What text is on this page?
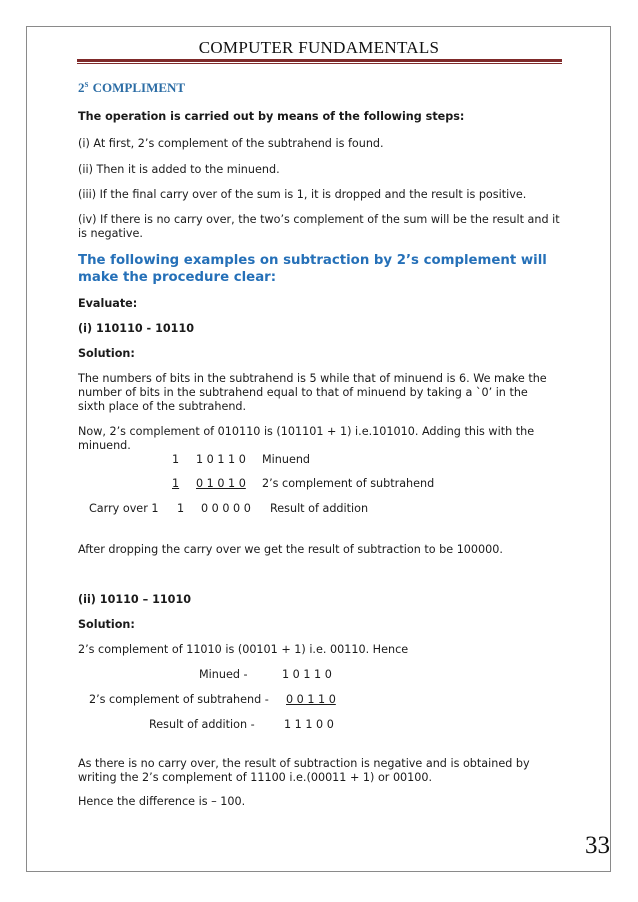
COMPUTER FUNDAMENTALS
$2^S$ COMPLIMENT
The operation is carried out by means of the following steps:
(i) At first, 2’s complement of the subtrahend is found.
(ii) Then it is added to the minuend.
(iii) If the final carry over of the sum is 1, it is dropped and the result is positive.
(iv) If there is no carry over, the two’s complement of the sum will be the result and it is negative.
The following examples on subtraction by 2’s complement will make the procedure clear:
Evaluate:
(i) 110110 - 10110
Solution:
The numbers of bits in the subtrahend is 5 while that of minuend is 6. We make the number of bits in the subtrahend equal to that of minuend by taking a `0’ in the sixth place of the subtrahend.
Now, 2’s complement of 010110 is (101101 + 1) i.e.101010. Adding this with the minuend.
1 1 0 1 1 0 Minuend
1 0 1 0 1 0 2’s complement of subtrahend
Carry over 1 1 0 0 0 0 0 Result of addition
After dropping the carry over we get the result of subtraction to be 100000.
(ii) 10110 – 11010
Solution:
2’s complement of 11010 is (00101 + 1) i.e. 00110. Hence
Minued -	1 0 1 1 0
2’s complement of subtrahend -	0 0 1 1 0
Result of addition -	1 1 1 0 0
As there is no carry over, the result of subtraction is negative and is obtained by writing the 2’s complement of 11100 i.e.(00011 + 1) or 00100.
Hence the difference is – 100.
33
